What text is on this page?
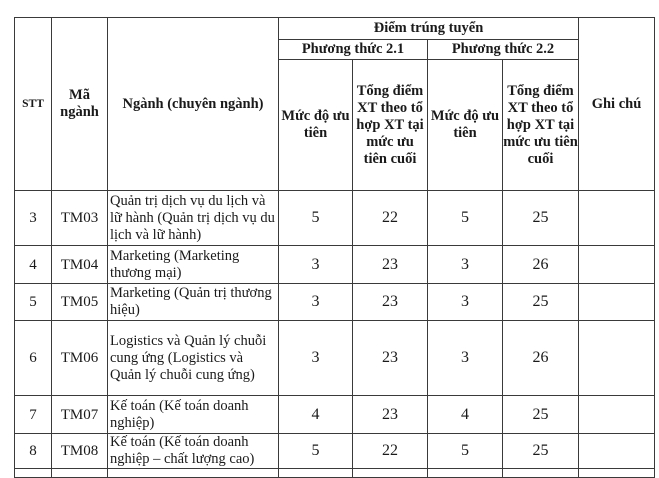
STT	Mã ngành	Ngành (chuyên ngành)	Điểm trúng tuyển				Ghi chú
			Phương thức 2.1		Phương thức 2.2		
			Mức độ ưu tiên	Tổng điểm XT theo tổ hợp XT tại mức ưu tiên cuối	Mức độ ưu tiên	Tổng điểm XT theo tổ hợp XT tại mức ưu tiên cuối	
3	TM03	Quản trị dịch vụ du lịch và lữ hành (Quản trị dịch vụ du lịch và lữ hành)	5	22	5	25	
4	TM04	Marketing (Marketing thương mại)	3	23	3	26	
5	TM05	Marketing (Quản trị thương hiệu)	3	23	3	25	
6	TM06	Logistics và Quản lý chuỗi cung ứng (Logistics và Quản lý chuỗi cung ứng)	3	23	3	26	
7	TM07	Kế toán (Kế toán doanh nghiệp)	4	23	4	25	
8	TM08	Kế toán (Kế toán doanh nghiệp – chất lượng cao)	5	22	5	25	
